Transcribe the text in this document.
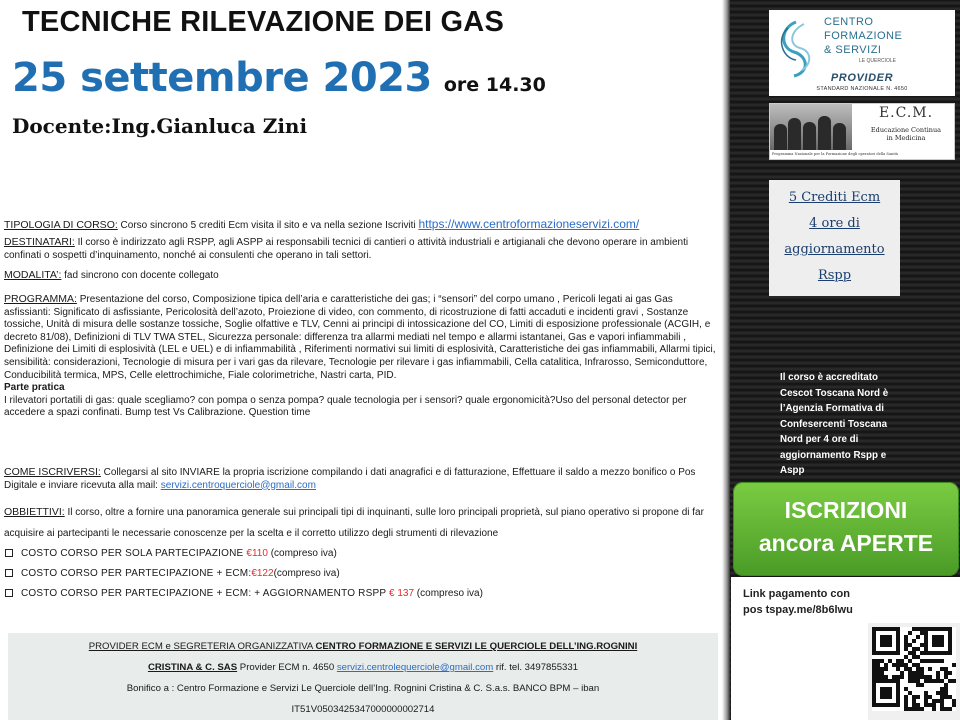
TECNICHE RILEVAZIONE DEI GAS
25 settembre 2023 ore 14.30
Docente:Ing.Gianluca Zini
TIPOLOGIA DI CORSO: Corso sincrono 5 crediti Ecm visita il sito e va nella sezione Iscriviti https://www.centroformazioneservizi.com/
DESTINATARI: Il corso è indirizzato agli RSPP, agli ASPP ai responsabili tecnici di cantieri o attività industriali e artigianali che devono operare in ambienti confinati o sospetti d’inquinamento, nonché ai consulenti che operano in tali settori.
MODALITA’: fad sincrono con docente collegato
PROGRAMMA: Presentazione del corso, Composizione tipica dell’aria e caratteristiche dei gas; i “sensori” del corpo umano , Pericoli legati ai gas Gas asfissianti: Significato di asfissiante, Pericolosità dell’azoto, Proiezione di video, con commento, di ricostruzione di fatti accaduti e incidenti gravi , Sostanze tossiche, Unità di misura delle sostanze tossiche, Soglie olfattive e TLV, Cenni ai principi di intossicazione del CO, Limiti di esposizione professionale (ACGIH, e decreto 81/08), Definizioni di TLV TWA STEL, Sicurezza personale: differenza tra allarmi mediati nel tempo e allarmi istantanei, Gas e vapori infiammabili , Definizione dei Limiti di esplosività (LEL e UEL) e di infiammabilità , Riferimenti normativi sui limiti di esplosività, Caratteristiche dei gas infiammabili, Allarmi tipici, sensibilità: considerazioni, Tecnologie di misura per i vari gas da rilevare, Tecnologie per rilevare i gas infiammabili, Cella catalitica, Infrarosso, Semiconduttore, Conducibilità termica, MPS, Celle elettrochimiche, Fiale colorimetriche, Nastri carta, PID.
Parte pratica
I rilevatori portatili di gas: quale scegliamo? con pompa o senza pompa? quale tecnologia per i sensori? quale ergonomicità?Uso del personal detector per accedere a spazi confinati. Bump test Vs Calibrazione. Question time
COME ISCRIVERSI: Collegarsi al sito INVIARE la propria iscrizione compilando i dati anagrafici e di fatturazione, Effettuare il saldo a mezzo bonifico o Pos Digitale e inviare ricevuta alla mail: servizi.centroquerciole@gmail.com
OBBIETTIVI: Il corso, oltre a fornire una panoramica generale sui principali tipi di inquinanti, sulle loro principali proprietà, sul piano operativo si propone di far acquisire ai partecipanti le necessarie conoscenze per la scelta e il corretto utilizzo degli strumenti di rilevazione
COSTO CORSO PER SOLA PARTECIPAZIONE €110 (compreso iva)
COSTO CORSO PER PARTECIPAZIONE + ECM:€122(compreso iva)
COSTO CORSO PER PARTECIPAZIONE + ECM: + AGGIORNAMENTO RSPP € 137 (compreso iva)
PROVIDER ECM e SEGRETERIA ORGANIZZATIVA CENTRO FORMAZIONE E SERVIZI LE QUERCIOLE DELL’ING.ROGNINI
CRISTINA & C. SAS Provider ECM n. 4650 servizi.centrolequerciole@gmail.com rif. tel. 3497855331
Bonifico a : Centro Formazione e Servizi Le Querciole dell’Ing. Rognini Cristina & C. S.a.s. BANCO BPM – iban
IT51V0503425347000000002714
CENTRO
FORMAZIONE
& SERVIZI
LE QUERCIOLE
PROVIDER
STANDARD NAZIONALE N. 4650
E.C.M.
Educazione Continua
in Medicina
Programma Nazionale per la Formazione degli operatori della Sanità
5 Crediti Ecm
4 ore di
aggiornamento
Rspp
Il corso è accreditato Cescot Toscana Nord è l’Agenzia Formativa di Confesercenti Toscana Nord per 4 ore di aggiornamento Rspp e Aspp
ISCRIZIONI
ancora APERTE
Link pagamento con
pos tspay.me/8b6lwu
